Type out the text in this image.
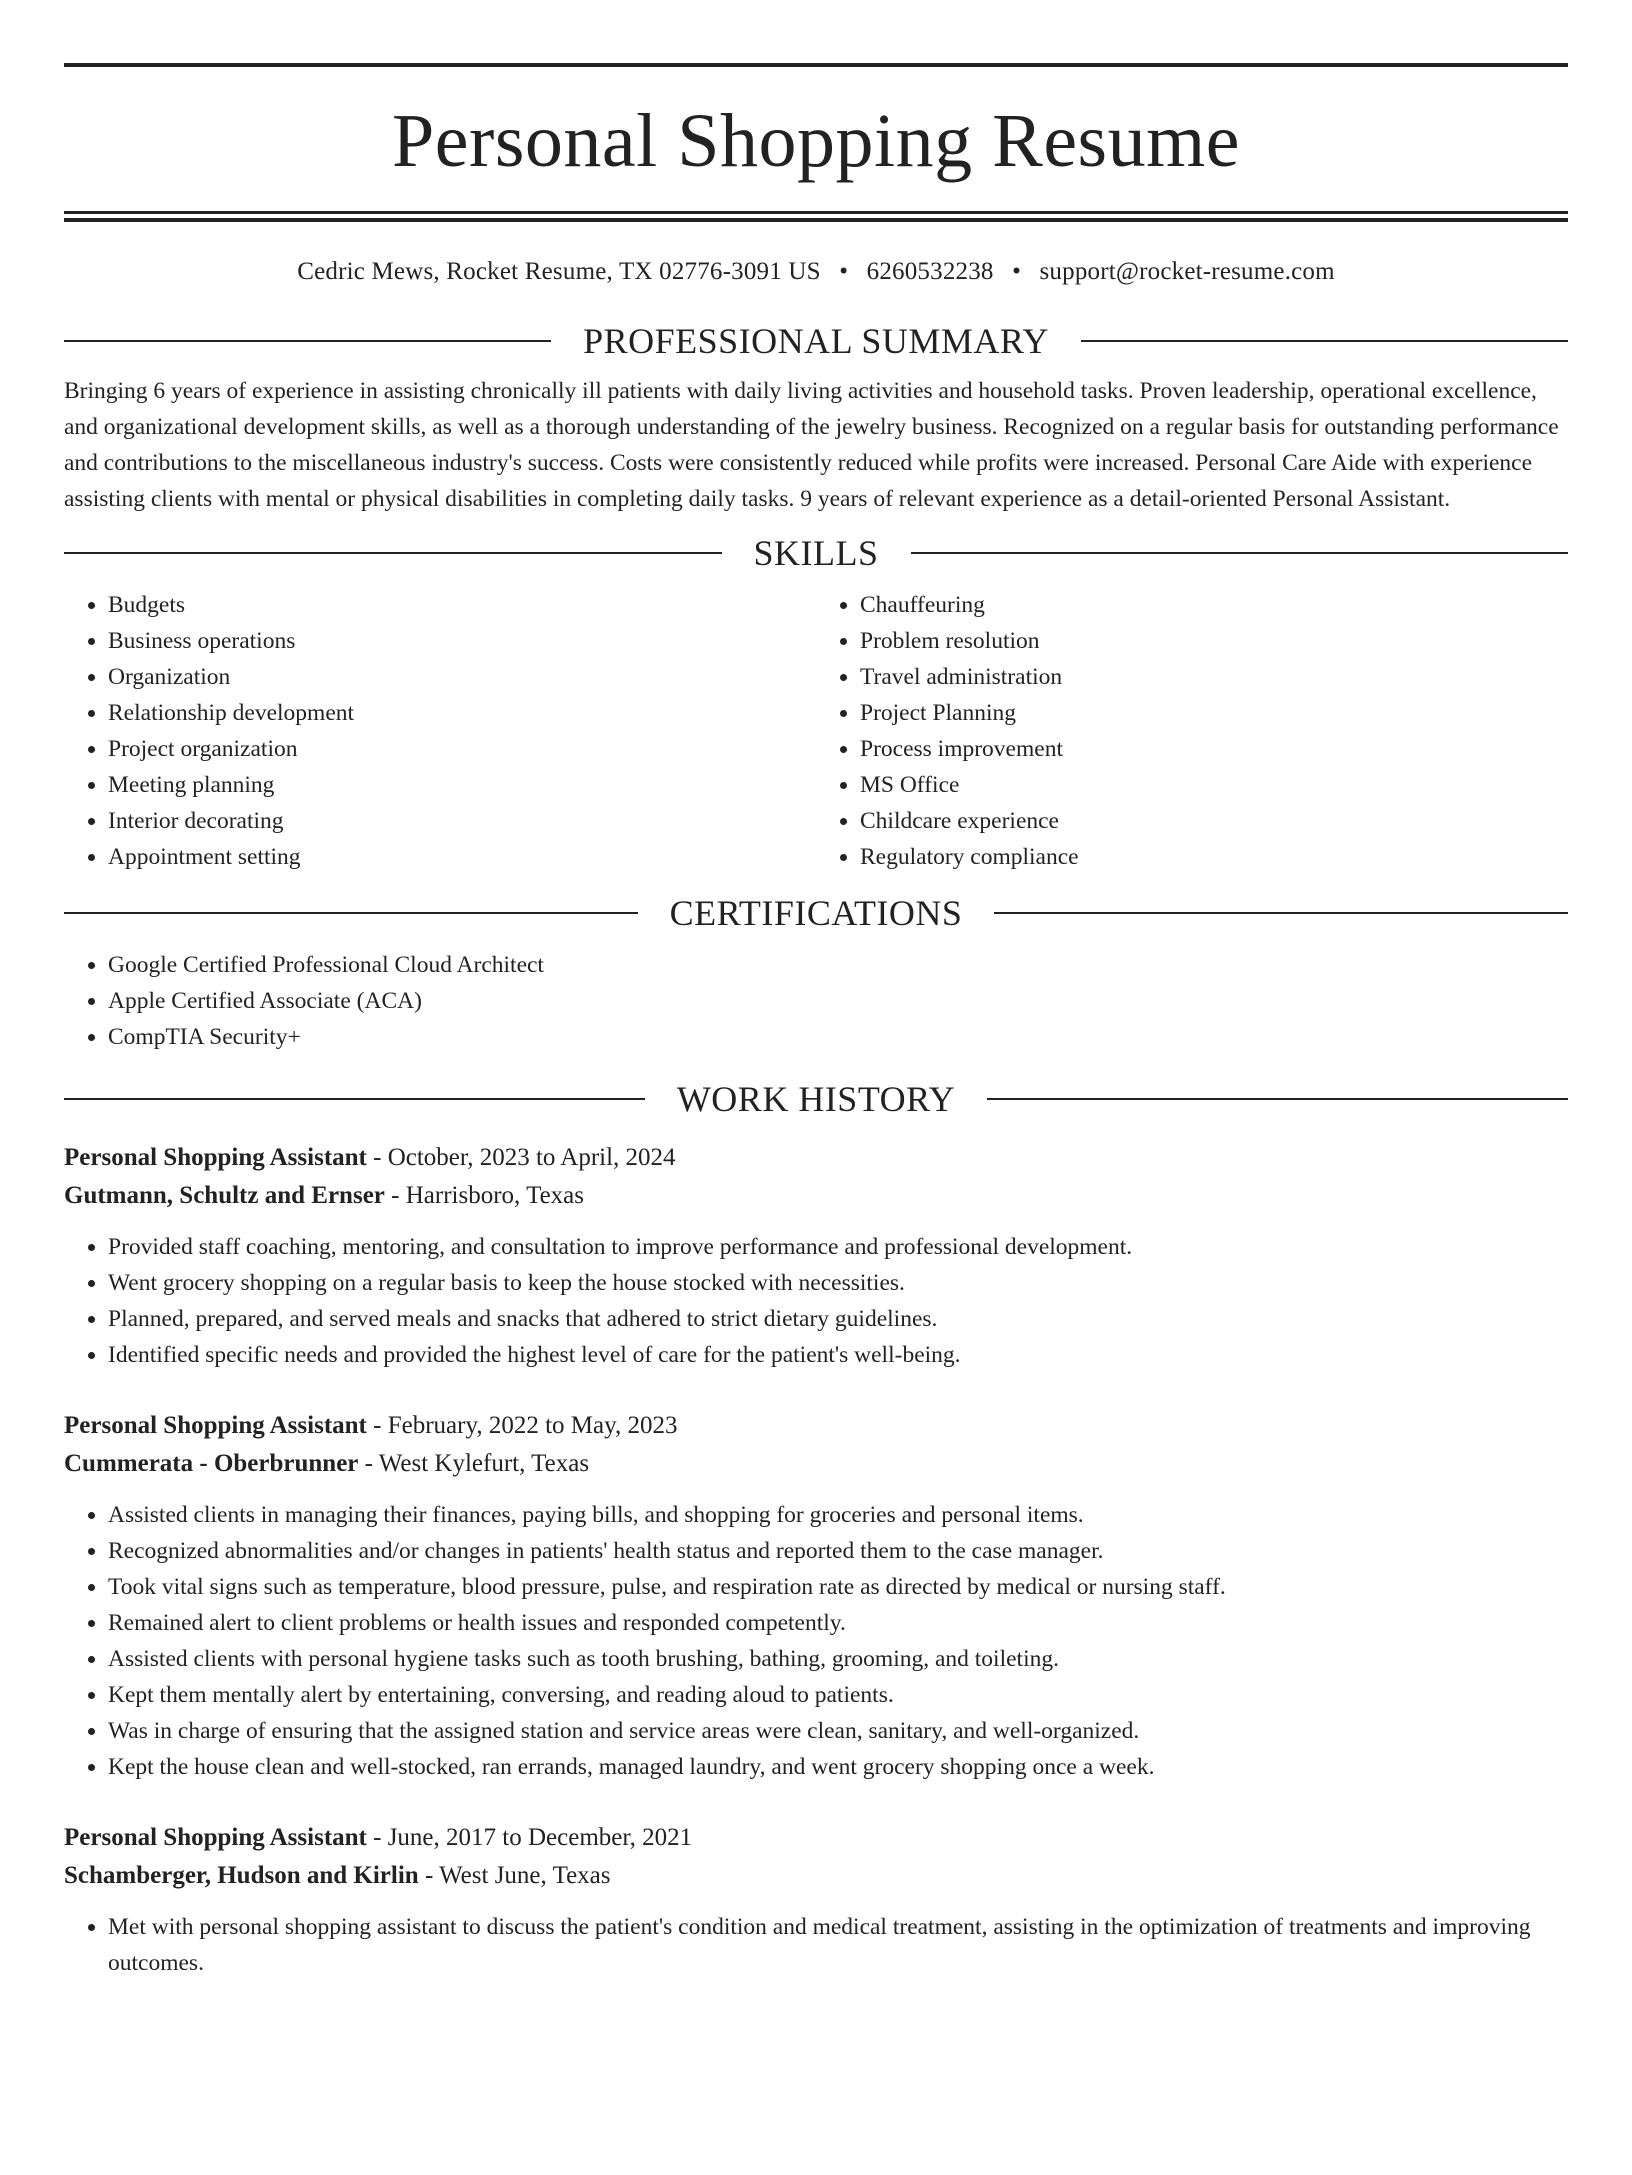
Personal Shopping Resume
Cedric Mews, Rocket Resume, TX 02776-3091 US • 6260532238 • support@rocket-resume.com
PROFESSIONAL SUMMARY

Bringing 6 years of experience in assisting chronically ill patients with daily living activities and household tasks. Proven leadership, operational excellence, and organizational development skills, as well as a thorough understanding of the jewelry business. Recognized on a regular basis for outstanding performance and contributions to the miscellaneous industry's success. Costs were consistently reduced while profits were increased. Personal Care Aide with experience assisting clients with mental or physical disabilities in completing daily tasks. 9 years of relevant experience as a detail-oriented Personal Assistant.

SKILLS
• Budgets
• Business operations
• Organization
• Relationship development
• Project organization
• Meeting planning
• Interior decorating
• Appointment setting
• Chauffeuring
• Problem resolution
• Travel administration
• Project Planning
• Process improvement
• MS Office
• Childcare experience
• Regulatory compliance
CERTIFICATIONS
• Google Certified Professional Cloud Architect
• Apple Certified Associate (ACA)
• CompTIA Security+
WORK HISTORY
Personal Shopping Assistant - October, 2023 to April, 2024
Gutmann, Schultz and Ernser - Harrisboro, Texas
• Provided staff coaching, mentoring, and consultation to improve performance and professional development.
• Went grocery shopping on a regular basis to keep the house stocked with necessities.
• Planned, prepared, and served meals and snacks that adhered to strict dietary guidelines.
• Identified specific needs and provided the highest level of care for the patient's well-being.
Personal Shopping Assistant - February, 2022 to May, 2023
Cummerata - Oberbrunner - West Kylefurt, Texas
• Assisted clients in managing their finances, paying bills, and shopping for groceries and personal items.
• Recognized abnormalities and/or changes in patients' health status and reported them to the case manager.
• Took vital signs such as temperature, blood pressure, pulse, and respiration rate as directed by medical or nursing staff.
• Remained alert to client problems or health issues and responded competently.
• Assisted clients with personal hygiene tasks such as tooth brushing, bathing, grooming, and toileting.
• Kept them mentally alert by entertaining, conversing, and reading aloud to patients.
• Was in charge of ensuring that the assigned station and service areas were clean, sanitary, and well-organized.
• Kept the house clean and well-stocked, ran errands, managed laundry, and went grocery shopping once a week.
Personal Shopping Assistant - June, 2017 to December, 2021
Schamberger, Hudson and Kirlin - West June, Texas
• Met with personal shopping assistant to discuss the patient's condition and medical treatment, assisting in the optimization of treatments and improving outcomes.
